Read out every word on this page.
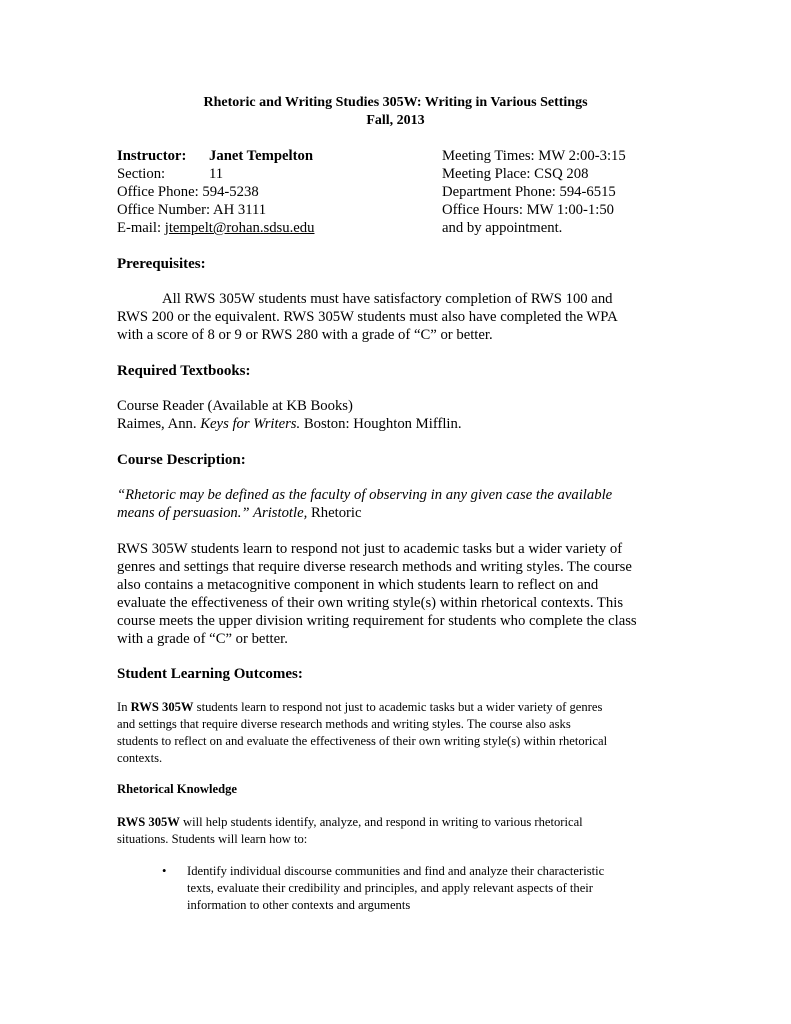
Rhetoric and Writing Studies 305W: Writing in Various Settings
Fall, 2013
Instructor: Janet Tempelton
Section:	11
Office Phone: 594-5238
Office Number: AH 3111
E-mail: jtempelt@rohan.sdsu.edu
Meeting Times: MW 2:00-3:15
Meeting Place: CSQ 208
Department Phone: 594-6515
Office Hours: MW 1:00-1:50
and by appointment.
Prerequisites:
All RWS 305W students must have satisfactory completion of RWS 100 and
RWS 200 or the equivalent. RWS 305W students must also have completed the WPA
with a score of 8 or 9 or RWS 280 with a grade of “C” or better.
Required Textbooks:
Course Reader (Available at KB Books)
Raimes, Ann. Keys for Writers. Boston: Houghton Mifflin.
Course Description:
“Rhetoric may be defined as the faculty of observing in any given case the available
means of persuasion.” Aristotle, Rhetoric
RWS 305W students learn to respond not just to academic tasks but a wider variety of
genres and settings that require diverse research methods and writing styles. The course
also contains a metacognitive component in which students learn to reflect on and
evaluate the effectiveness of their own writing style(s) within rhetorical contexts. This
course meets the upper division writing requirement for students who complete the class
with a grade of “C” or better.
Student Learning Outcomes:
In RWS 305W students learn to respond not just to academic tasks but a wider variety of genres
and settings that require diverse research methods and writing styles. The course also asks
students to reflect on and evaluate the effectiveness of their own writing style(s) within rhetorical
contexts.
Rhetorical Knowledge
RWS 305W will help students identify, analyze, and respond in writing to various rhetorical
situations. Students will learn how to:
• Identify individual discourse communities and find and analyze their characteristic
texts, evaluate their credibility and principles, and apply relevant aspects of their
information to other contexts and arguments
